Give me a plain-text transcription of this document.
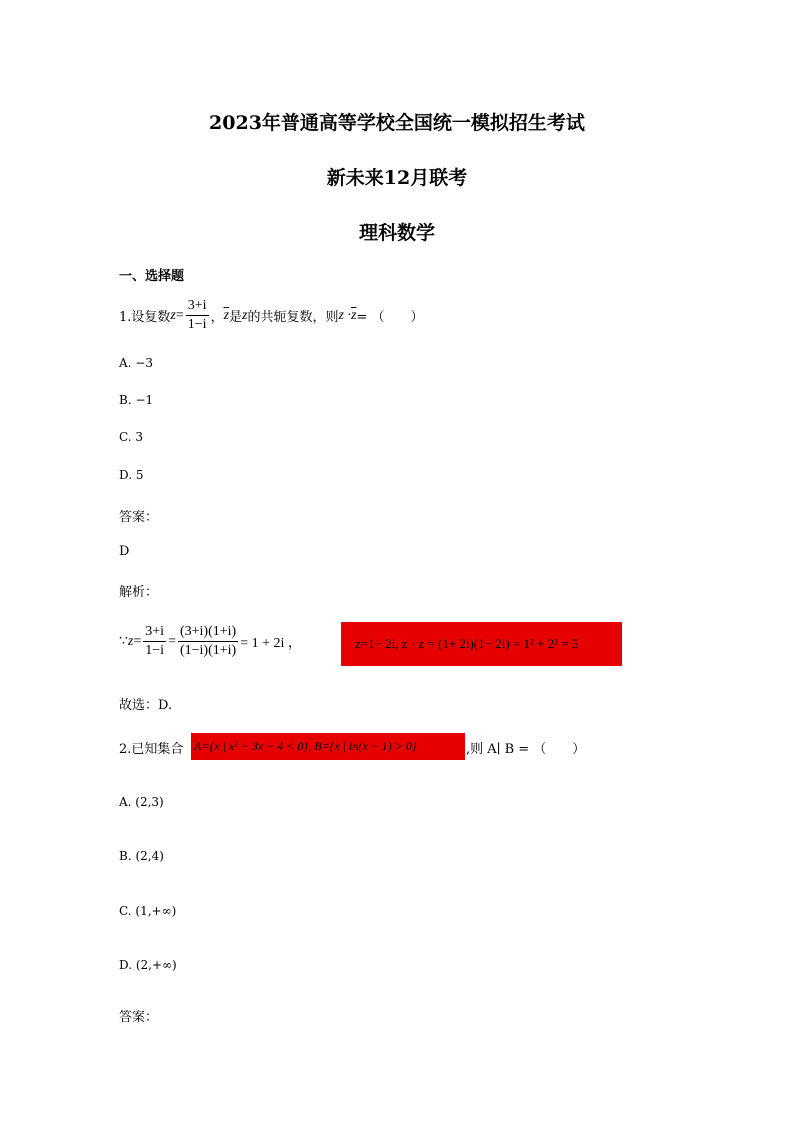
2023年普通高等学校全国统一模拟招生考试
新未来12月联考
理科数学
一、选择题
1.设复数 $z = \frac{3+i}{1-i}$ ， $\overline{z}$ 是 z 的共轭复数，则 $z \cdot \overline{z}$ = （　　）
A. −3
B. −1
C. 3
D. 5
答案：
D
解析：
∵ $z = \frac{3+i}{1-i} = \frac{(3+i)(1+i)}{(1-i)(1+i)} = 1 + 2i$ ，	z=1− 2i, z · z = (1+ 2i)(1− 2i) = 1² + 2² = 5
故选：D.
2.已知集合 A={x | x² − 3x − 4 < 0}, B={x | ln(x − 1) > 0}	,则 A∣ B = （　　）
A. (2,3)
B. (2,4)
C. (1,+∞)
D. (2,+∞)
答案：
